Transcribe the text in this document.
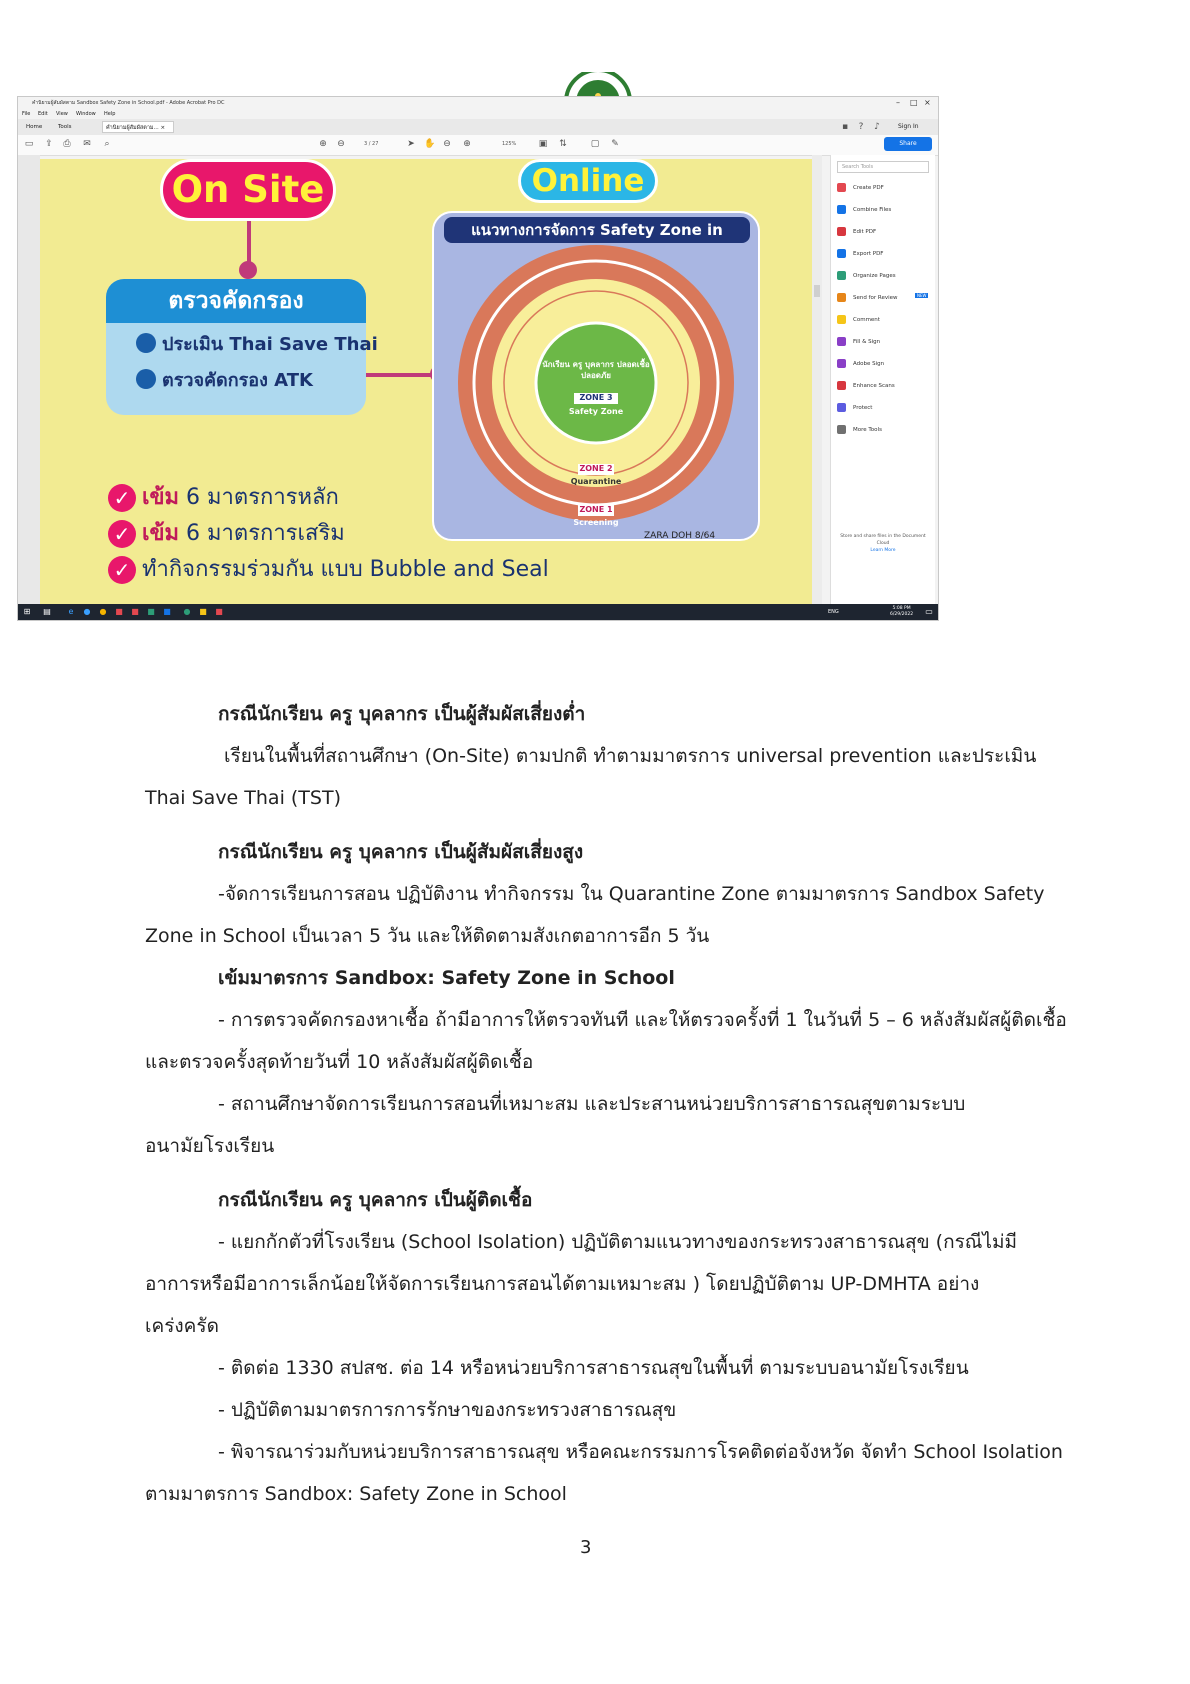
คำนิยามผู้สัมผัสตาม Sandbox Safety Zone in School.pdf - Adobe Acrobat Pro DC	– □ ×
File Edit View Window Help
Home	Tools	คำนิยามผู้สัมผัสตาม... ×	▪ ? ♪	Sign In
▭ ⇪ ⎙ ✉ ⌕	⊕ ⊖	3 / 27	➤ ✋ ⊖ ⊕	125% ▣ ⇅	▢ ✎	Share
On Site	Online
ตรวจคัดกรอง
ประเมิน Thai Save Thai
ตรวจคัดกรอง ATK
แนวทางการจัดการ Safety Zone in
นักเรียน ครู บุคลากร ปลอดเชื้อ ปลอดภัย
ZONE 3
Safety Zone
ZONE 2
Quarantine
ZONE 1
Screening
ZARA DOH 8/64
✓ เข้ม 6 มาตรการหลัก
✓ เข้ม 6 มาตรการเสริม
✓ ทำกิจกรรมร่วมกัน แบบ Bubble and Seal
Search Tools
Create PDF
Combine Files
Edit PDF
Export PDF
Organize Pages
Send for Review	NEW
Comment
Fill & Sign
Adobe Sign
Enhance Scans
Protect
More Tools
Store and share files in the Document Cloud
Learn More
⊞ ▤	e	● ● ■ ■ ■ ■ ● ■ ■	ENG
5:08 PM
6/29/2022 ▭
กรณีนักเรียน ครู บุคลากร เป็นผู้สัมผัสเสี่ยงต่ำ
เรียนในพื้นที่สถานศึกษา (On-Site) ตามปกติ ทำตามมาตรการ universal prevention และประเมิน
Thai Save Thai (TST)
กรณีนักเรียน ครู บุคลากร เป็นผู้สัมผัสเสี่ยงสูง
-จัดการเรียนการสอน ปฏิบัติงาน ทำกิจกรรม ใน Quarantine Zone ตามมาตรการ Sandbox Safety
Zone in School เป็นเวลา 5 วัน และให้ติดตามสังเกตอาการอีก 5 วัน
เข้มมาตรการ Sandbox: Safety Zone in School
- การตรวจคัดกรองหาเชื้อ ถ้ามีอาการให้ตรวจทันที และให้ตรวจครั้งที่ 1 ในวันที่ 5 – 6 หลังสัมผัสผู้ติดเชื้อ
และตรวจครั้งสุดท้ายวันที่ 10 หลังสัมผัสผู้ติดเชื้อ
- สถานศึกษาจัดการเรียนการสอนที่เหมาะสม และประสานหน่วยบริการสาธารณสุขตามระบบ
อนามัยโรงเรียน
กรณีนักเรียน ครู บุคลากร เป็นผู้ติดเชื้อ
- แยกกักตัวที่โรงเรียน (School Isolation) ปฏิบัติตามแนวทางของกระทรวงสาธารณสุข (กรณีไม่มี
อาการหรือมีอาการเล็กน้อยให้จัดการเรียนการสอนได้ตามเหมาะสม ) โดยปฏิบัติตาม UP-DMHTA อย่าง
เคร่งครัด
- ติดต่อ 1330 สปสช. ต่อ 14 หรือหน่วยบริการสาธารณสุขในพื้นที่ ตามระบบอนามัยโรงเรียน
- ปฏิบัติตามมาตรการการรักษาของกระทรวงสาธารณสุข
- พิจารณาร่วมกับหน่วยบริการสาธารณสุข หรือคณะกรรมการโรคติดต่อจังหวัด จัดทำ School Isolation
ตามมาตรการ Sandbox: Safety Zone in School
3
